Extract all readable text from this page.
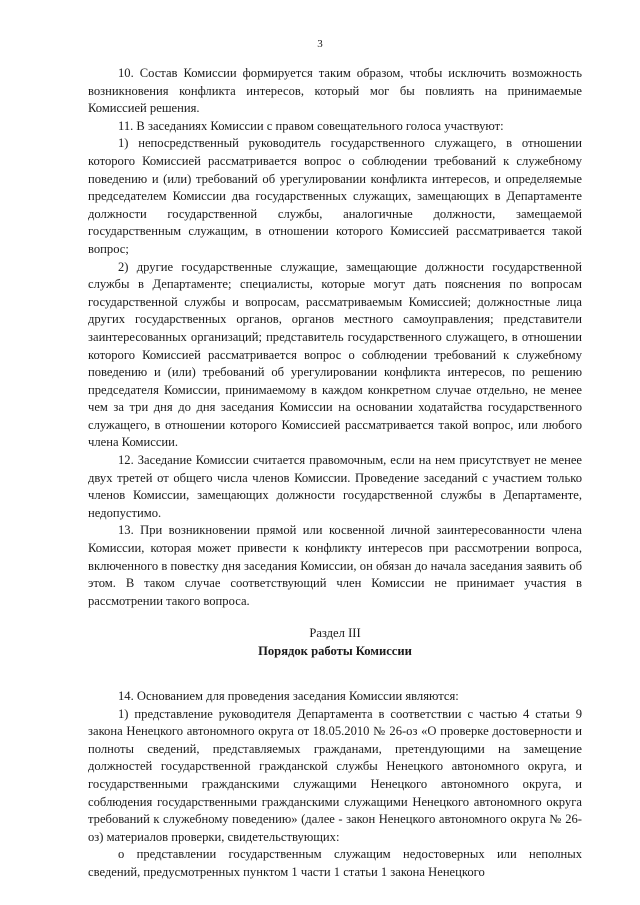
3

10. Состав Комиссии формируется таким образом, чтобы исключить возможность возникновения конфликта интересов, который мог бы повлиять на принимаемые Комиссией решения.

11. В заседаниях Комиссии с правом совещательного голоса участвуют:

1) непосредственный руководитель государственного служащего, в отношении которого Комиссией рассматривается вопрос о соблюдении требований к служебному поведению и (или) требований об урегулировании конфликта интересов, и определяемые председателем Комиссии два государственных служащих, замещающих в Департаменте должности государственной службы, аналогичные должности, замещаемой государственным служащим, в отношении которого Комиссией рассматривается такой вопрос;

2) другие государственные служащие, замещающие должности государственной службы в Департаменте; специалисты, которые могут дать пояснения по вопросам государственной службы и вопросам, рассматриваемым Комиссией; должностные лица других государственных органов, органов местного самоуправления; представители заинтересованных организаций; представитель государственного служащего, в отношении которого Комиссией рассматривается вопрос о соблюдении требований к служебному поведению и (или) требований об урегулировании конфликта интересов, по решению председателя Комиссии, принимаемому в каждом конкретном случае отдельно, не менее чем за три дня до дня заседания Комиссии на основании ходатайства государственного служащего, в отношении которого Комиссией рассматривается такой вопрос, или любого члена Комиссии.

12. Заседание Комиссии считается правомочным, если на нем присутствует не менее двух третей от общего числа членов Комиссии. Проведение заседаний с участием только членов Комиссии, замещающих должности государственной службы в Департаменте, недопустимо.

13. При возникновении прямой или косвенной личной заинтересованности члена Комиссии, которая может привести к конфликту интересов при рассмотрении вопроса, включенного в повестку дня заседания Комиссии, он обязан до начала заседания заявить об этом. В таком случае соответствующий член Комиссии не принимает участия в рассмотрении такого вопроса.

Раздел III
Порядок работы Комиссии

14. Основанием для проведения заседания Комиссии являются:

1) представление руководителя Департамента в соответствии с частью 4 статьи 9 закона Ненецкого автономного округа от 18.05.2010 № 26-оз «О проверке достоверности и полноты сведений, представляемых гражданами, претендующими на замещение должностей государственной гражданской службы Ненецкого автономного округа, и государственными гражданскими служащими Ненецкого автономного округа, и соблюдения государственными гражданскими служащими Ненецкого автономного округа требований к служебному поведению» (далее - закон Ненецкого автономного округа № 26-оз) материалов проверки, свидетельствующих:

о представлении государственным служащим недостоверных или неполных сведений, предусмотренных пунктом 1 части 1 статьи 1 закона Ненецкого
